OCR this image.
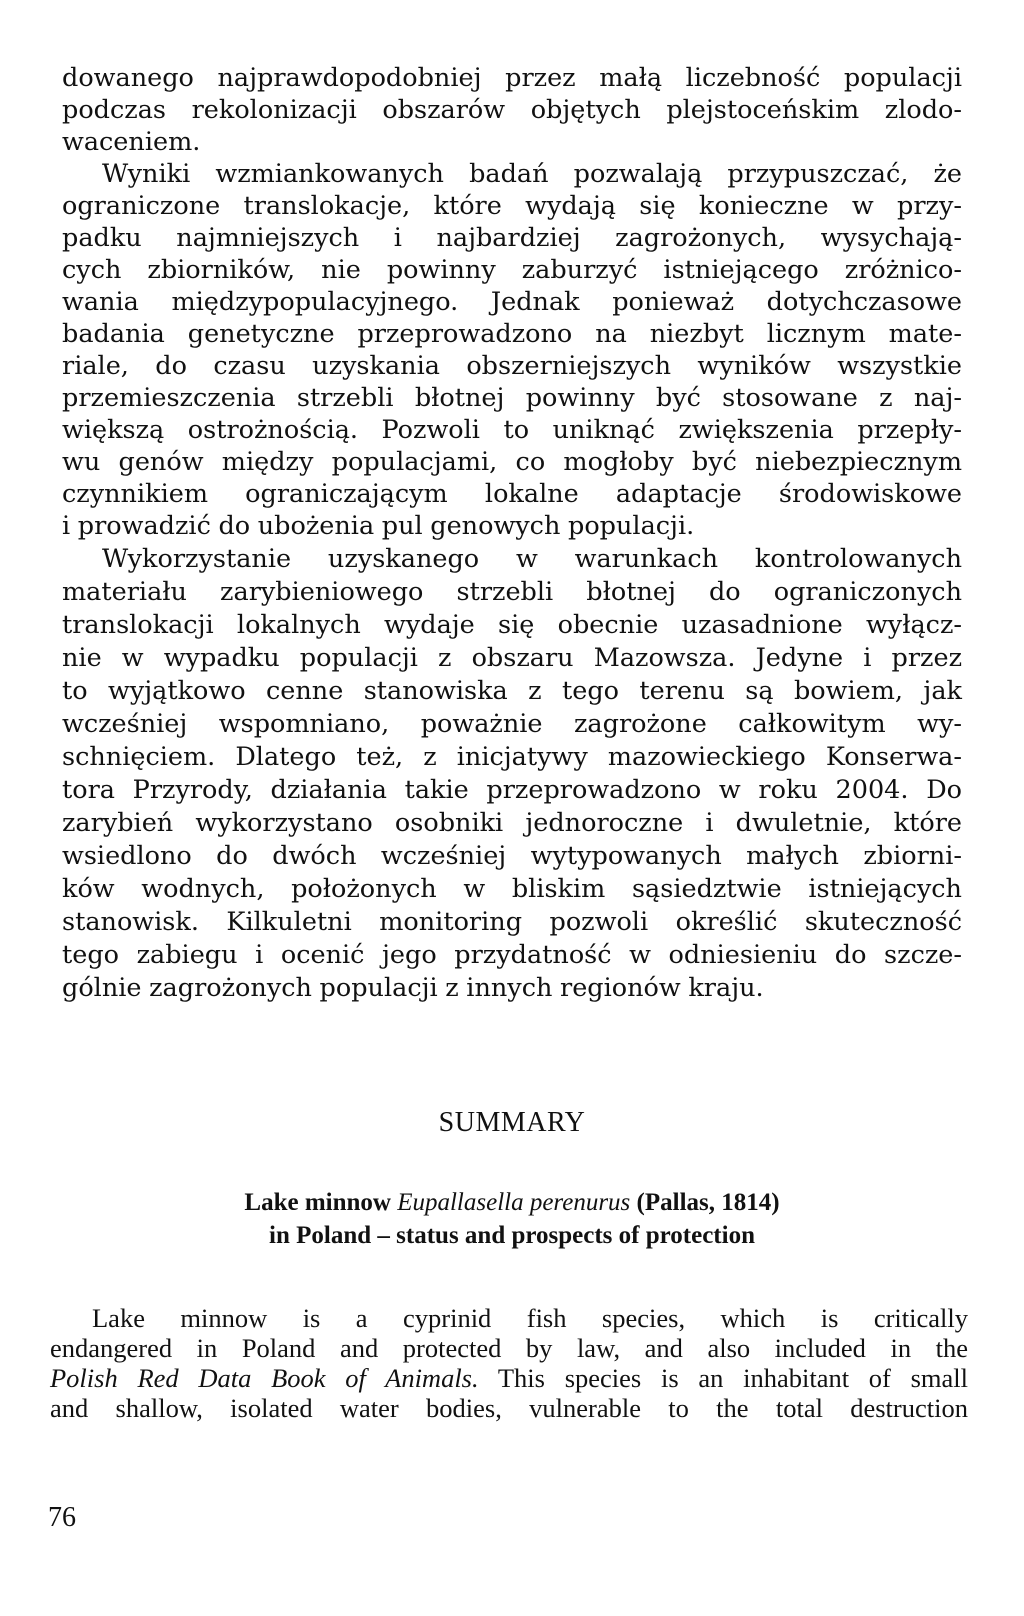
dowanego najprawdopodobniej przez małą liczebność populacji
podczas rekolonizacji obszarów objętych plejstoceńskim zlodo-
waceniem.
Wyniki wzmiankowanych badań pozwalają przypuszczać, że
ograniczone translokacje, które wydają się konieczne w przy-
padku najmniejszych i najbardziej zagrożonych, wysychają-
cych zbiorników, nie powinny zaburzyć istniejącego zróżnico-
wania międzypopulacyjnego. Jednak ponieważ dotychczasowe
badania genetyczne przeprowadzono na niezbyt licznym mate-
riale, do czasu uzyskania obszerniejszych wyników wszystkie
przemieszczenia strzebli błotnej powinny być stosowane z naj-
większą ostrożnością. Pozwoli to uniknąć zwiększenia przepły-
wu genów między populacjami, co mogłoby być niebezpiecznym
czynnikiem ograniczającym lokalne adaptacje środowiskowe
i prowadzić do ubożenia pul genowych populacji.
Wykorzystanie uzyskanego w warunkach kontrolowanych
materiału zarybieniowego strzebli błotnej do ograniczonych
translokacji lokalnych wydaje się obecnie uzasadnione wyłącz-
nie w wypadku populacji z obszaru Mazowsza. Jedyne i przez
to wyjątkowo cenne stanowiska z tego terenu są bowiem, jak
wcześniej wspomniano, poważnie zagrożone całkowitym wy-
schnięciem. Dlatego też, z inicjatywy mazowieckiego Konserwa-
tora Przyrody, działania takie przeprowadzono w roku 2004. Do
zarybień wykorzystano osobniki jednoroczne i dwuletnie, które
wsiedlono do dwóch wcześniej wytypowanych małych zbiorni-
ków wodnych, położonych w bliskim sąsiedztwie istniejących
stanowisk. Kilkuletni monitoring pozwoli określić skuteczność
tego zabiegu i ocenić jego przydatność w odniesieniu do szcze-
gólnie zagrożonych populacji z innych regionów kraju.
SUMMARY
Lake minnow Eupallasella perenurus (Pallas, 1814)
in Poland – status and prospects of protection
Lake minnow is a cyprinid fish species, which is critically
endangered in Poland and protected by law, and also included in the
Polish Red Data Book of Animals. This species is an inhabitant of small
and shallow, isolated water bodies, vulnerable to the total destruction
76
